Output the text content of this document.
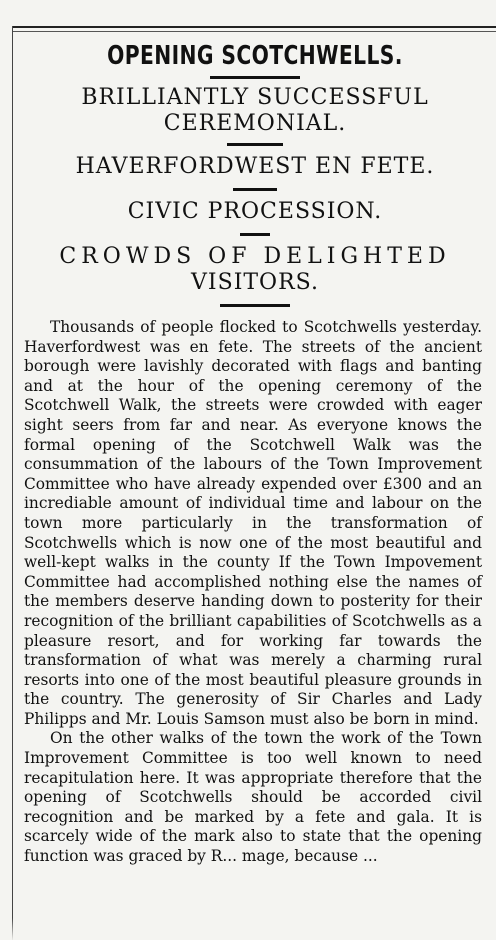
OPENING SCOTCHWELLS.
BRILLIANTLY SUCCESSFUL
CEREMONIAL.
HAVERFORDWEST EN FETE.
CIVIC PROCESSION.
CROWDS OF DELIGHTED
VISITORS.

Thousands of people flocked to Scotchwells yesterday. Haverfordwest was en fete. The streets of the ancient borough were lavishly decorated with flags and banting and at the hour of the opening ceremony of the Scotchwell Walk, the streets were crowded with eager sight seers from far and near. As everyone knows the formal opening of the Scotchwell Walk was the consummation of the labours of the Town Improvement Committee who have already expended over £300 and an incrediable amount of individual time and labour on the town more particularly in the transformation of Scotchwells which is now one of the most beautiful and well-kept walks in the county If the Town Impovement Committee had accomplished nothing else the names of the members deserve handing down to posterity for their recognition of the brilliant capabilities of Scotchwells as a pleasure resort, and for working far towards the transformation of what was merely a charming rural resorts into one of the most beautiful pleasure grounds in the country. The generosity of Sir Charles and Lady Philipps and Mr. Louis Samson must also be born in mind.

On the other walks of the town the work of the Town Improvement Committee is too well known to need recapitulation here. It was appropriate therefore that the opening of Scotchwells should be accorded civil recognition and be marked by a fete and gala. It is scarcely wide of the mark also to state that the opening function was graced by R... mage, because ...
